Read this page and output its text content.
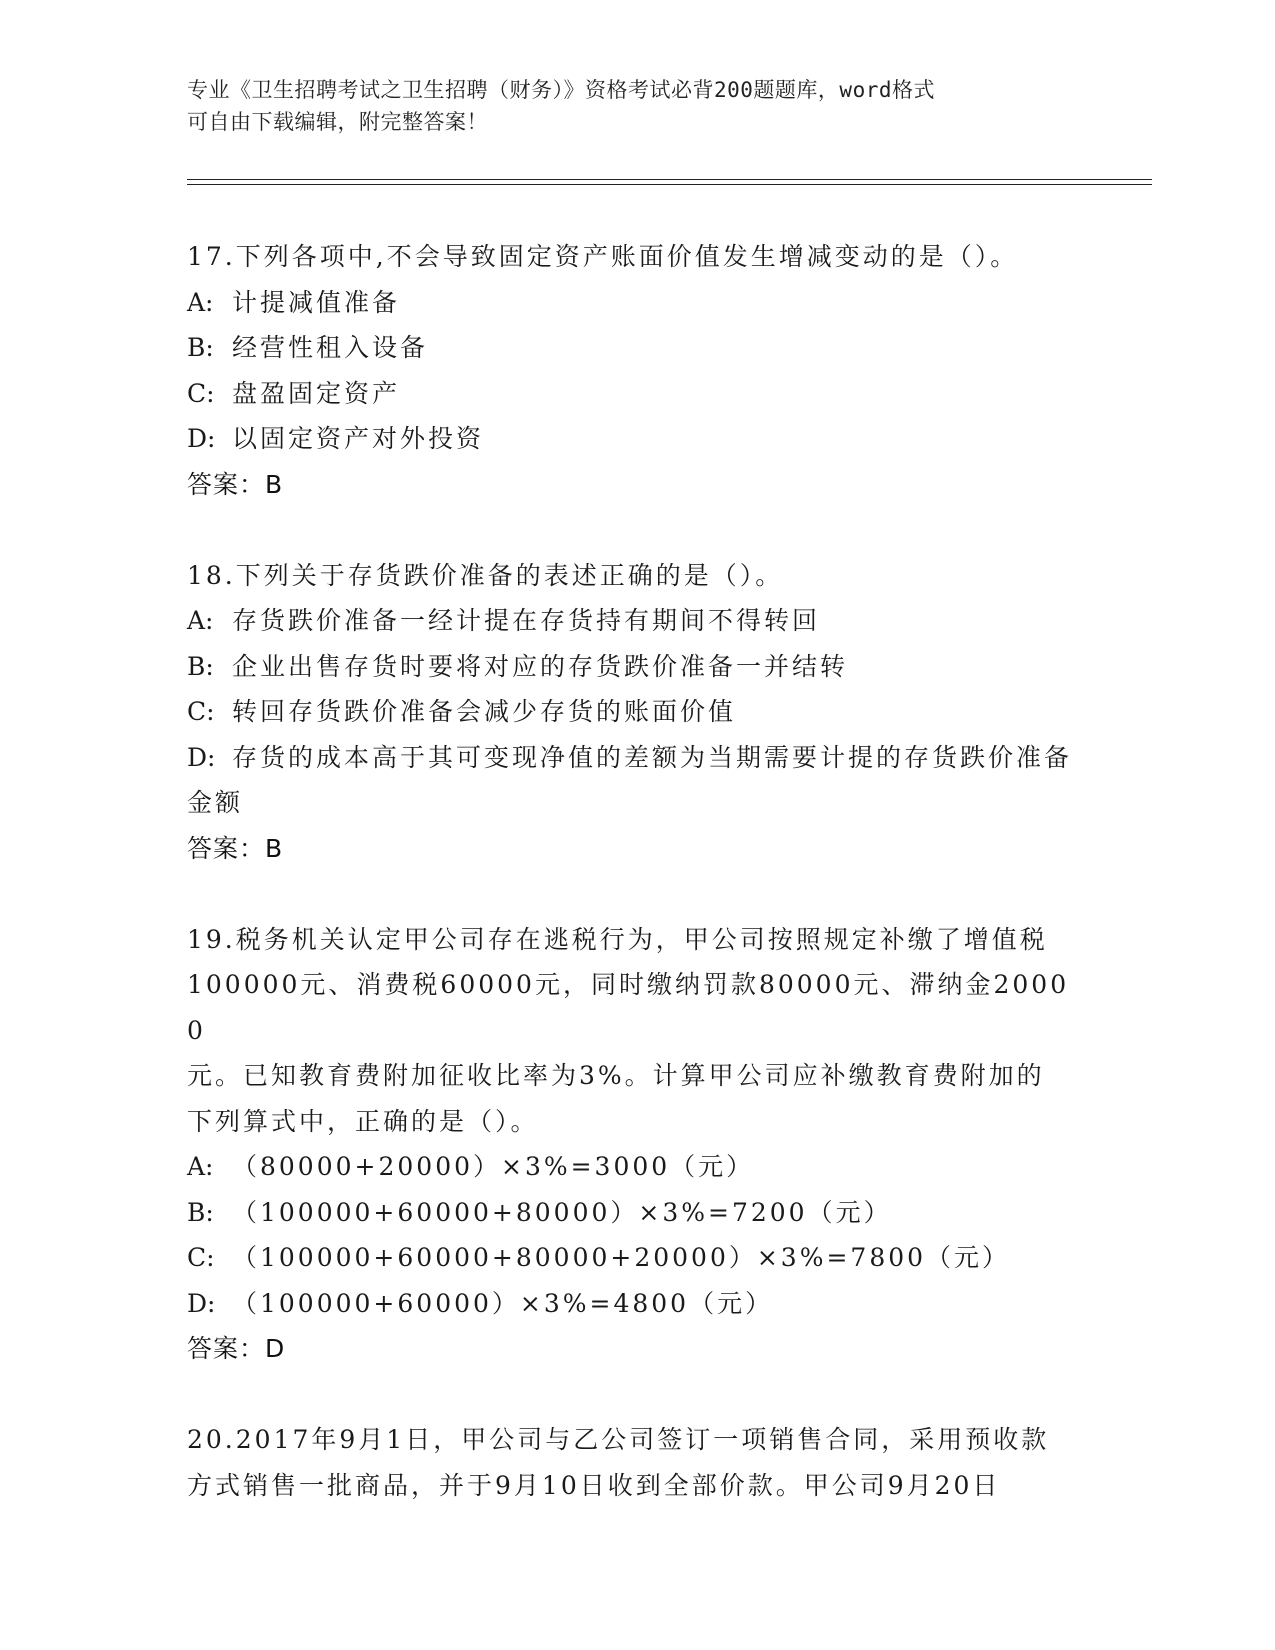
专业《卫生招聘考试之卫生招聘（财务）》资格考试必背200题题库，word格式
可自由下载编辑，附完整答案！
17.下列各项中,不会导致固定资产账面价值发生增减变动的是（）。
A: 计提减值准备
B: 经营性租入设备
C: 盘盈固定资产
D: 以固定资产对外投资
答案：B
18.下列关于存货跌价准备的表述正确的是（）。
A: 存货跌价准备一经计提在存货持有期间不得转回
B: 企业出售存货时要将对应的存货跌价准备一并结转
C: 转回存货跌价准备会减少存货的账面价值
D: 存货的成本高于其可变现净值的差额为当期需要计提的存货跌价准备金额
答案：B
19.税务机关认定甲公司存在逃税行为，甲公司按照规定补缴了增值税
100000元、消费税60000元，同时缴纳罚款80000元、滞纳金20000
元。已知教育费附加征收比率为3%。计算甲公司应补缴教育费附加的
下列算式中，正确的是（）。
A: （80000+20000）×3%=3000（元）
B: （100000+60000+80000）×3%=7200（元）
C: （100000+60000+80000+20000）×3%=7800（元）
D: （100000+60000）×3%=4800（元）
答案：D
20.2017年9月1日，甲公司与乙公司签订一项销售合同，采用预收款
方式销售一批商品，并于9月10日收到全部价款。甲公司9月20日
